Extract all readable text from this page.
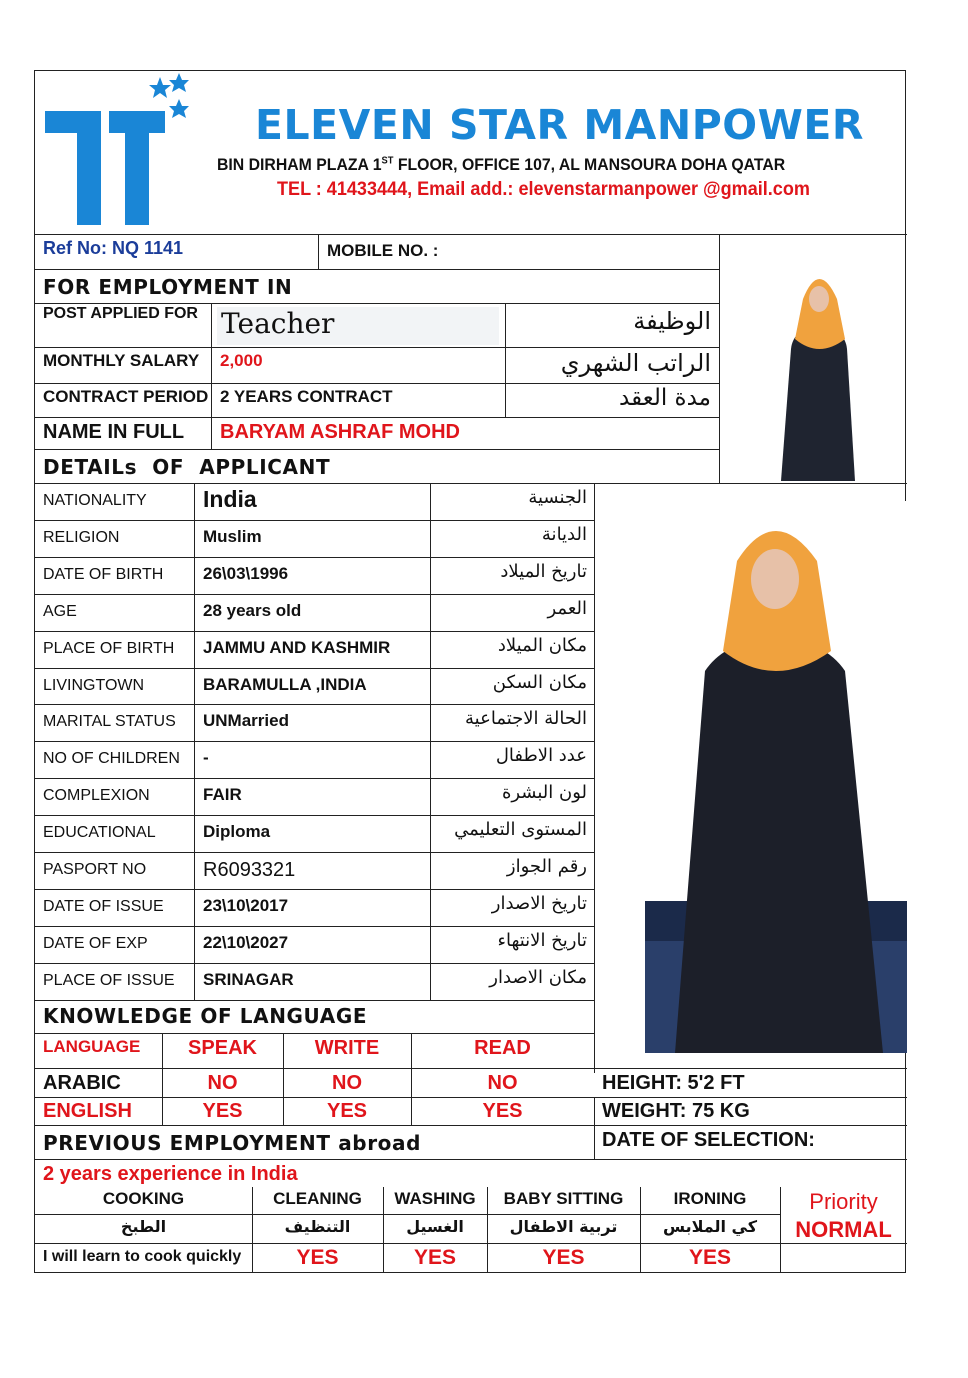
ELEVEN STAR MANPOWER
BIN DIRHAM PLAZA 1ST FLOOR, OFFICE 107, AL MANSOURA DOHA QATAR
TEL : 41433444, Email add.: elevenstarmanpower @gmail.com
Ref No: NQ 1141	MOBILE NO. :
FOR EMPLOYMENT IN
POST APPLIED FOR Teacher	الوظيفة
MONTHLY SALARY 2,000	الراتب الشهري
CONTRACT PERIOD 2 YEARS CONTRACT	مدة العقد
NAME IN FULL BARYAM ASHRAF MOHD
DETAILs OF APPLICANT
NATIONALITY India	الجنسية
RELIGION	Muslim	الديانة
DATE OF BIRTH 26\03\1996	تاريخ الميلاد
AGE	28 years old	العمر
PLACE OF BIRTH JAMMU AND KASHMIR	مكان الميلاد
LIVINGTOWN	BARAMULLA ,INDIA	مكان السكن
MARITAL STATUS UNMarried	الحالة الاجتماعية
NO OF CHILDREN -	عدد الاطفال
COMPLEXION	FAIR	لون البشرة
EDUCATIONAL	Diploma	المستوى التعليمي
PASPORT NO	R6093321	رقم الجواز
DATE OF ISSUE 23\10\2017	تاريخ الاصدار
DATE OF EXP	22\10\2027	تاريخ الانتهاء
PLACE OF ISSUE SRINAGAR	مكان الاصدار
KNOWLEDGE OF LANGUAGE
LANGUAGE	SPEAK	WRITE	READ
ARABIC	NO	NO	NO
ENGLISH	YES	YES	YES
HEIGHT: 5'2 FT
WEIGHT: 75 KG
DATE OF SELECTION:
PREVIOUS EMPLOYMENT abroad
2 years experience in India
COOKING	CLEANING	WASHING	BABY SITTING	IRONING	Priority
NORMAL
الطبخ	التنظيف	الغسيل	تربية الاطفال	كي الملابس
I will learn to cook quickly	YES	YES	YES	YES
